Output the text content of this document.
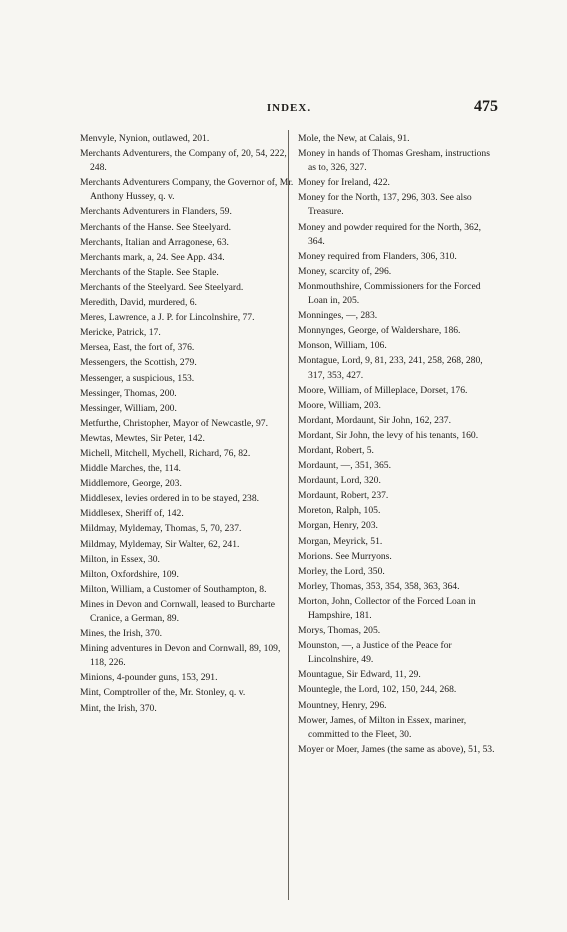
INDEX.	475

Menvyle, Nynion, outlawed, 201.

Merchants Adventurers, the Company of, 20, 54, 222, 248.

Merchants Adventurers Company, the Governor of, Mr. Anthony Hussey, q. v.

Merchants Adventurers in Flanders, 59.

Merchants of the Hanse. See Steelyard.

Merchants, Italian and Arragonese, 63.

Merchants mark, a, 24. See App. 434.

Merchants of the Staple. See Staple.

Merchants of the Steelyard. See Steelyard.

Meredith, David, murdered, 6.

Meres, Lawrence, a J. P. for Lincolnshire, 77.

Mericke, Patrick, 17.

Mersea, East, the fort of, 376.

Messengers, the Scottish, 279.

Messenger, a suspicious, 153.

Messinger, Thomas, 200.

Messinger, William, 200.

Metfurthe, Christopher, Mayor of Newcastle, 97.

Mewtas, Mewtes, Sir Peter, 142.

Michell, Mitchell, Mychell, Richard, 76, 82.

Middle Marches, the, 114.

Middlemore, George, 203.

Middlesex, levies ordered in to be stayed, 238.

Middlesex, Sheriff of, 142.

Mildmay, Myldemay, Thomas, 5, 70, 237.

Mildmay, Myldemay, Sir Walter, 62, 241.

Milton, in Essex, 30.

Milton, Oxfordshire, 109.

Milton, William, a Customer of Southampton, 8.

Mines in Devon and Cornwall, leased to Burcharte Cranice, a German, 89.

Mines, the Irish, 370.

Mining adventures in Devon and Cornwall, 89, 109, 118, 226.

Minions, 4-pounder guns, 153, 291.

Mint, Comptroller of the, Mr. Stonley, q. v.

Mint, the Irish, 370.

Mole, the New, at Calais, 91.

Money in hands of Thomas Gresham, instructions as to, 326, 327.

Money for Ireland, 422.

Money for the North, 137, 296, 303. See also Treasure.

Money and powder required for the North, 362, 364.

Money required from Flanders, 306, 310.

Money, scarcity of, 296.

Monmouthshire, Commissioners for the Forced Loan in, 205.

Monninges, —, 283.

Monnynges, George, of Waldershare, 186.

Monson, William, 106.

Montague, Lord, 9, 81, 233, 241, 258, 268, 280, 317, 353, 427.

Moore, William, of Milleplace, Dorset, 176.

Moore, William, 203.

Mordant, Mordaunt, Sir John, 162, 237.

Mordant, Sir John, the levy of his tenants, 160.

Mordant, Robert, 5.

Mordaunt, —, 351, 365.

Mordaunt, Lord, 320.

Mordaunt, Robert, 237.

Moreton, Ralph, 105.

Morgan, Henry, 203.

Morgan, Meyrick, 51.

Morions. See Murryons.

Morley, the Lord, 350.

Morley, Thomas, 353, 354, 358, 363, 364.

Morton, John, Collector of the Forced Loan in Hampshire, 181.

Morys, Thomas, 205.

Mounston, —, a Justice of the Peace for Lincolnshire, 49.

Mountague, Sir Edward, 11, 29.

Mountegle, the Lord, 102, 150, 244, 268.

Mountney, Henry, 296.

Mower, James, of Milton in Essex, mariner, committed to the Fleet, 30.

Moyer or Moer, James (the same as above), 51, 53.
